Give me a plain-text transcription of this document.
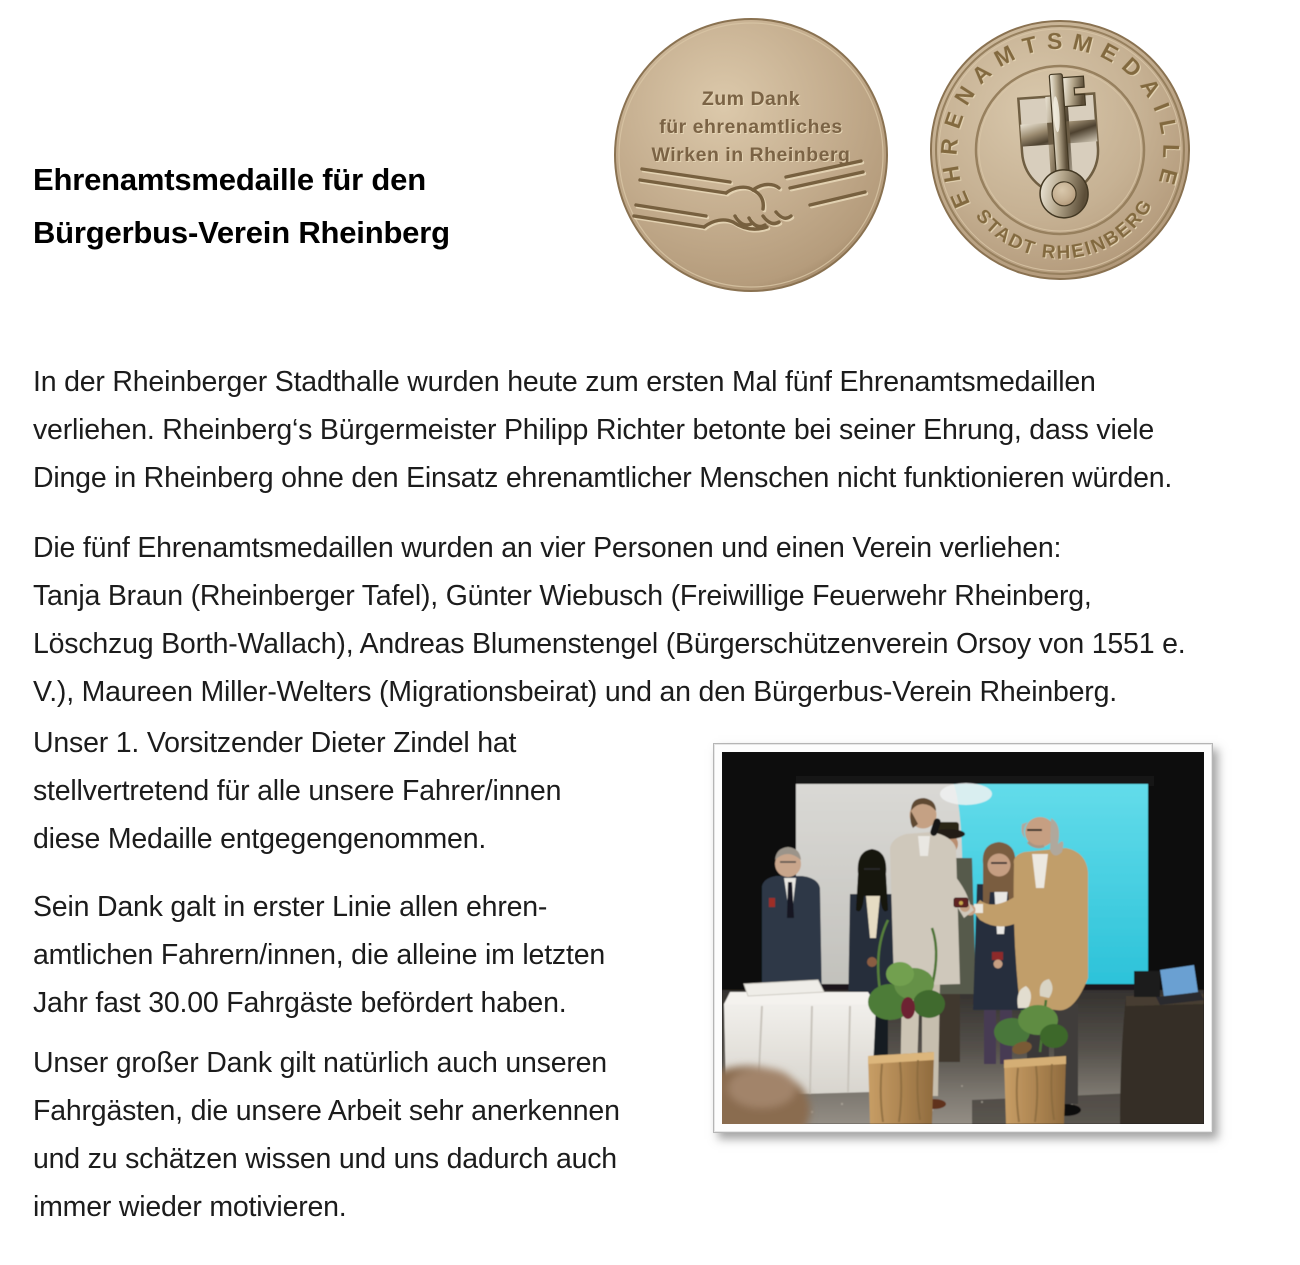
Ehrenamtsmedaille für den
Bürgerbus-Verein Rheinberg
Zum Dank
für ehrenamtliches
Wirken in Rheinberg
EHRENAMTSMEDAILLE
STADT RHEINBERG
In der Rheinberger Stadthalle wurden heute zum ersten Mal fünf Ehrenamtsmedaillen
verliehen. Rheinberg‘s Bürgermeister Philipp Richter betonte bei seiner Ehrung, dass viele
Dinge in Rheinberg ohne den Einsatz ehrenamtlicher Menschen nicht funktionieren würden.
Die fünf Ehrenamtsmedaillen wurden an vier Personen und einen Verein verliehen:
Tanja Braun (Rheinberger Tafel), Günter Wiebusch (Freiwillige Feuerwehr Rheinberg,
Löschzug Borth-Wallach), Andreas Blumenstengel (Bürgerschützenverein Orsoy von 1551 e.
V.), Maureen Miller-Welters (Migrationsbeirat) und an den Bürgerbus-Verein Rheinberg.
Unser 1. Vorsitzender Dieter Zindel hat
stellvertretend für alle unsere Fahrer/innen
diese Medaille entgegengenommen.
Sein Dank galt in erster Linie allen ehren-
amtlichen Fahrern/innen, die alleine im letzten
Jahr fast 30.00 Fahrgäste befördert haben.
Unser großer Dank gilt natürlich auch unseren
Fahrgästen, die unsere Arbeit sehr anerkennen
und zu schätzen wissen und uns dadurch auch
immer wieder motivieren.
